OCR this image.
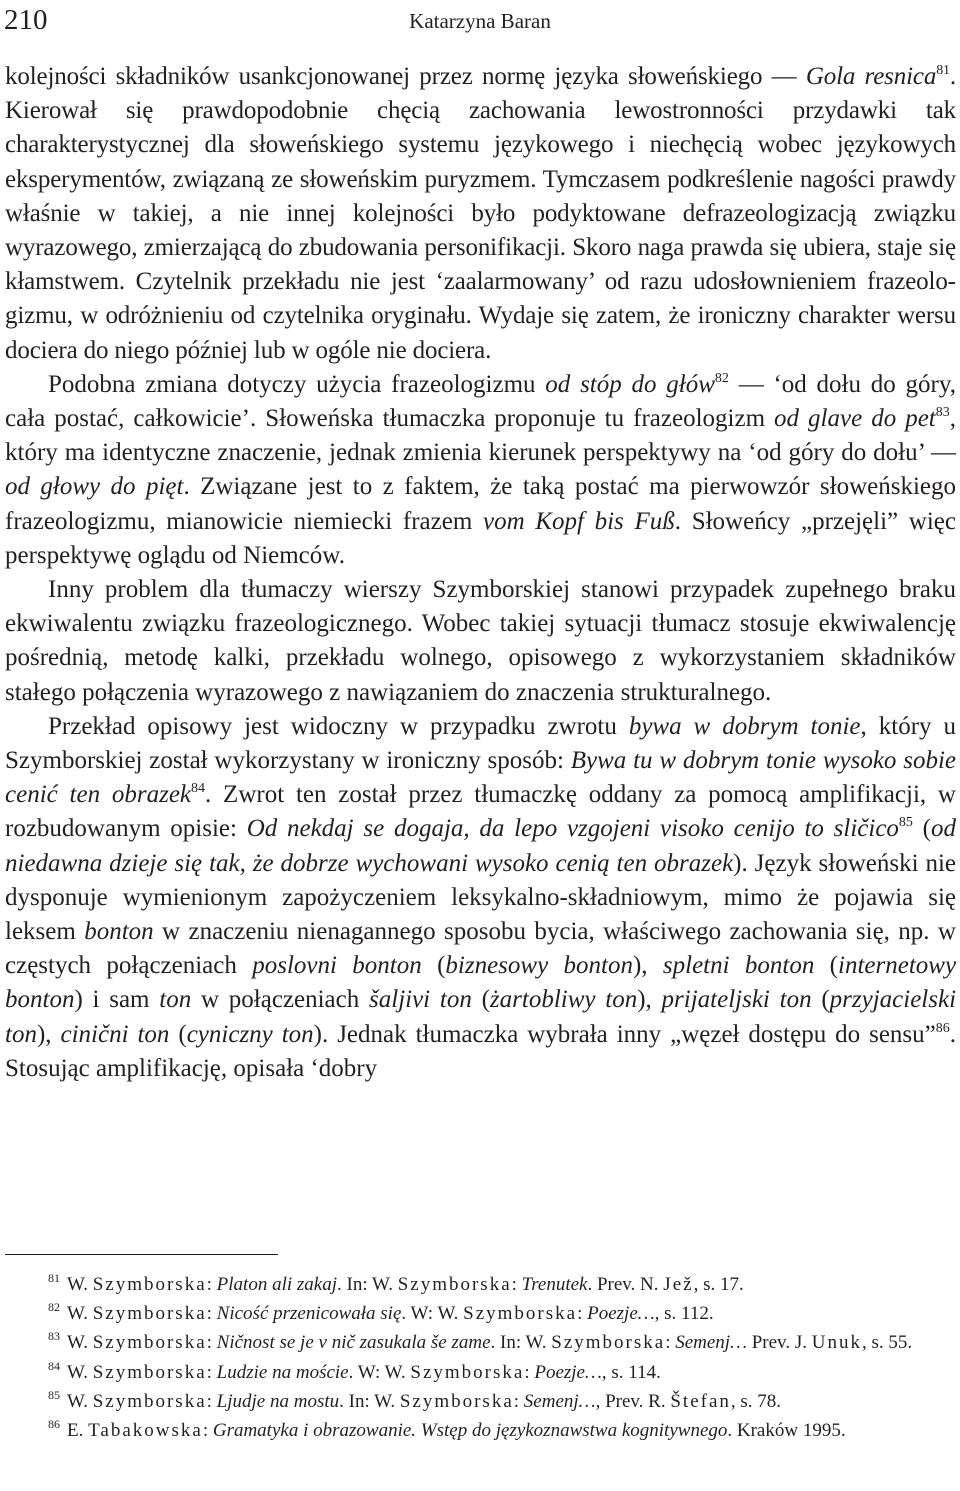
210	Katarzyna Baran

kolejności składników usankcjonowanej przez normę języka słoweńskiego — Gola resnica$^{81}$. Kierował się prawdopodobnie chęcią zachowania lewostronności przydawki tak charakterystycznej dla słoweńskiego systemu językowego i niechęcią wobec językowych eksperymentów, związaną ze słoweńskim puryzmem. Tymczasem podkreślenie nagości prawdy właśnie w takiej, a nie innej kolejności było podyktowane defrazeologizacją związku wyrazowego, zmierzającą do zbudowania personifikacji. Skoro naga prawda się ubiera, staje się kłamstwem. Czytelnik przekładu nie jest ‘zaalarmowany’ od razu udosłownieniem frazeologizmu, w odróżnieniu od czytelnika oryginału. Wydaje się zatem, że ironiczny charakter wersu dociera do niego później lub w ogóle nie dociera.

Podobna zmiana dotyczy użycia frazeologizmu od stóp do głów$^{82}$ — ‘od dołu do góry, cała postać, całkowicie’. Słoweńska tłumaczka proponuje tu frazeologizm od glave do pet$^{83}$, który ma identyczne znaczenie, jednak zmienia kierunek perspektywy na ‘od góry do dołu’ — od głowy do pięt. Związane jest to z faktem, że taką postać ma pierwowzór słoweńskiego frazeologizmu, mianowicie niemiecki frazem vom Kopf bis Fuß. Słoweńcy „przejęli” więc perspektywę oglądu od Niemców.

Inny problem dla tłumaczy wierszy Szymborskiej stanowi przypadek zupełnego braku ekwiwalentu związku frazeologicznego. Wobec takiej sytuacji tłumacz stosuje ekwiwalencję pośrednią, metodę kalki, przekładu wolnego, opisowego z wykorzystaniem składników stałego połączenia wyrazowego z nawiązaniem do znaczenia strukturalnego.

Przekład opisowy jest widoczny w przypadku zwrotu bywa w dobrym tonie, który u Szymborskiej został wykorzystany w ironiczny sposób: Bywa tu w dobrym tonie wysoko sobie cenić ten obrazek$^{84}$. Zwrot ten został przez tłumaczkę oddany za pomocą amplifikacji, w rozbudowanym opisie: Od nekdaj se dogaja, da lepo vzgojeni visoko cenijo to sličico$^{85}$ (od niedawna dzieje się tak, że dobrze wychowani wysoko cenią ten obrazek). Język słoweński nie dysponuje wymienionym zapożyczeniem leksykalno-składniowym, mimo że pojawia się leksem bonton w znaczeniu nienagannego sposobu bycia, właściwego zachowania się, np. w częstych połączeniach poslovni bonton (biznesowy bonton), spletni bonton (internetowy bonton) i sam ton w połączeniach šaljivi ton (żartobliwy ton), prijateljski ton (przyjacielski ton), cinični ton (cyniczny ton). Jednak tłumaczka wybrała inny „węzeł dostępu do sensu”$^{86}$. Stosując amplifikację, opisała ‘dobry

$^{81}$ W. Szymborska: Platon ali zakaj. In: W. Szymborska: Trenutek. Prev. N. Jež, s. 17.

$^{82}$ W. Szymborska: Nicość przenicowała się. W: W. Szymborska: Poezje…, s. 112.

$^{83}$ W. Szymborska: Ničnost se je v nič zasukala še zame. In: W. Szymborska: Semenj… Prev. J. Unuk, s. 55.

$^{84}$ W. Szymborska: Ludzie na moście. W: W. Szymborska: Poezje…, s. 114.

$^{85}$ W. Szymborska: Ljudje na mostu. In: W. Szymborska: Semenj…, Prev. R. Štefan, s. 78.

$^{86}$ E. Tabakowska: Gramatyka i obrazowanie. Wstęp do językoznawstwa kognitywnego. Kraków 1995.
